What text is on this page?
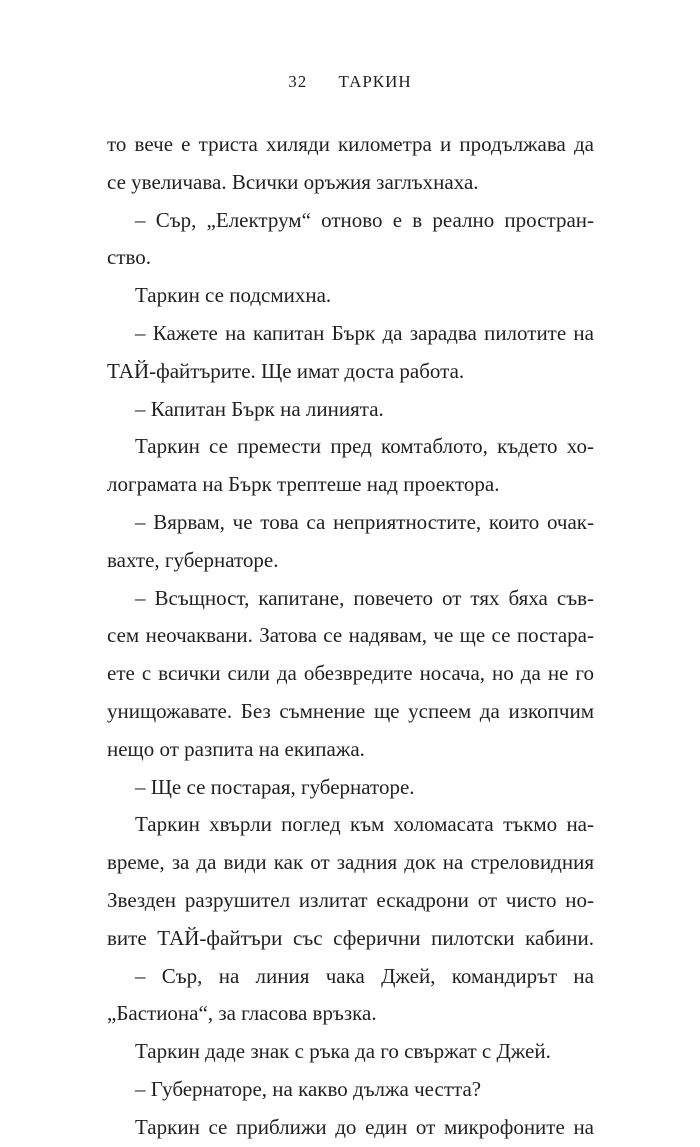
32 ТАРКИН
то вече е триста хиляди километра и продължава да
се увеличава. Всички оръжия заглъхнаха.
– Сър, „Електрум“ отново е в реално простран-
ство.
Таркин се подсмихна.
– Кажете на капитан Бърк да зарадва пилотите на
ТАЙ-файтърите. Ще имат доста работа.
– Капитан Бърк на линията.
Таркин се премести пред комтаблото, където хо-
лограмата на Бърк трептеше над проектора.
– Вярвам, че това са неприятностите, които очак-
вахте, губернаторе.
– Всъщност, капитане, повечето от тях бяха съв-
сем неочаквани. Затова се надявам, че ще се постара-
ете с всички сили да обезвредите носача, но да не го
унищожавате. Без съмнение ще успеем да изкопчим
нещо от разпита на екипажа.
– Ще се постарая, губернаторе.
Таркин хвърли поглед към холомасата тъкмо на-
време, за да види как от задния док на стреловидния
Звезден разрушител излитат ескадрони от чисто но-
вите ТАЙ-файтъри със сферични пилотски кабини.
– Сър, на линия чака Джей, командирът на
„Бастиона“, за гласова връзка.
Таркин даде знак с ръка да го свържат с Джей.
– Губернаторе, на какво дължа честта?
Таркин се приближи до един от микрофоните на
